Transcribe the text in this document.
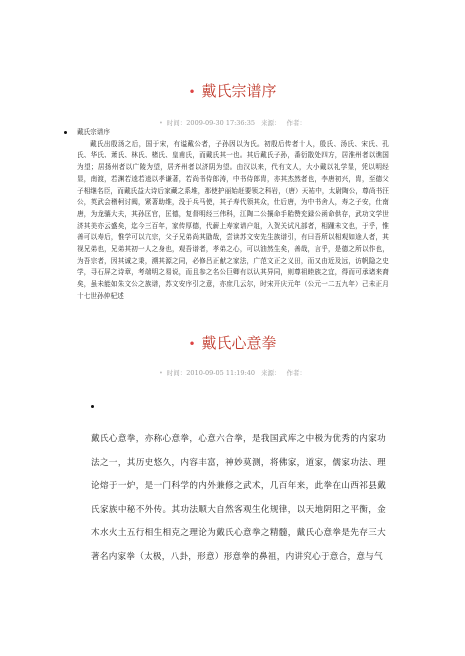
• 戴氏宗谱序
• 时间：2009-09-30 17:36:35 来源： 作者：
戴氏宗谱序

戴氏出殷汤之后，国于宋，有谥戴公者，子孙因以为氏。初殷后传者十人，殷氏、汤氏、宋氏、孔氏、华氏、萧氏、林氏、楮氏、皇甫氏，而戴氏其一也。其后戴氏子孙，番衍散处四方，居淮州者以谯国为望；居扬州者以广陵为望，居齐州者以济阴为望。由汉以来，代有文人，大小戴以礼学显，凭以明经显，南渡，若渊若逵若逵以孝谦著，若尚书侍郎涛，中书侍郎胄，亦其杰然者也，李唐初兴，胄，至德父子相继名臣，而戴氏益大诗后家藏之系堆，那使护丽始赶要领之科岩，（唐）天祐中，太尉陶公，尊尚书汪公，英武会稽柯讨阀，紧著助维，没于兵马使，其子寿代领其众，仕后唐，为中书舍人，寿之子安，仕南唐，为龙骧大夫，其孙匡官，匡德，复督明经三伟科，江陶二公攘命手貽赞充録公函命供存，武功文学世济其美亦云盛矣，迄今三百年，家传厚德，代薪上寿家谱户俎，入贺关试凡部者，相踵未文也，于乎，惟善可以寿后，惟学可以亢宗，父子兄弟尚其勖哉，尝读苏文安先生族谱引，有曰吾所以相观如途人者，其视兄弟也，兄弟其初一人之身也，观吾谱者，孝弟之心，可以油然生矣，善哉，言乎，是德之所以作也，为吾宗者，因其诚之秉，溯其源之同，必修吕正献之家法，广范文正之义田，而又由近及远，访帆隐之史学，寻石屏之诗章，考端明之易说，而且参之名公巨卿有以认其异同，则尊祖睦族之宜，得而可承诸来裔矣，虽未能如朱文公之族谱，苏文安序引之意，亦庶几云尔，时宋开庆元年（公元一二五九年）己未正月十七世孙仲杞述

• 戴氏心意拳
• 时间：2010-09-05 11:19:40 来源： 作者：

戴氏心意拳，亦称心意拳，心意六合拳，是我国武库之中极为优秀的内家功法之一，其历史悠久，内容丰富，神妙莫测，将佛家，道家，儒家功法、理论熔于一炉，是一门科学的内外兼修之武术，几百年来，此拳在山西祁县戴氏家族中秘不外传。其功法顺大自然客观生化规律，以天地阴阳之平衡，金木水火土五行相生相克之理论为戴氏心意拳之精髓，戴氏心意拳是先存三大著名内家拳（太极，八卦，形意）形意拳的鼻祖，内讲究心于意合，意与气
